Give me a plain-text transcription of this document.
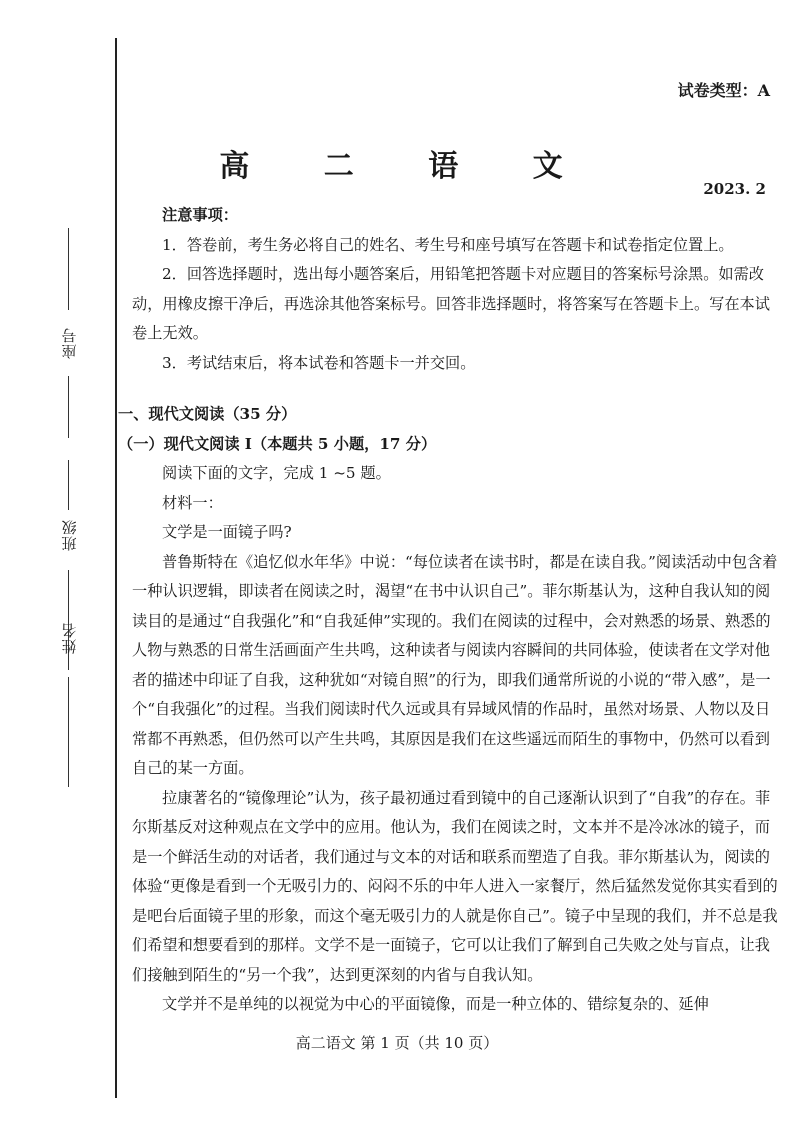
座号
班级
姓名
试卷类型：A
高 二 语 文
2023. 2

注意事项：

1．答卷前，考生务必将自己的姓名、考生号和座号填写在答题卡和试卷指定位置上。

2．回答选择题时，选出每小题答案后，用铅笔把答题卡对应题目的答案标号涂黑。如需改动，用橡皮擦干净后，再选涂其他答案标号。回答非选择题时，将答案写在答题卡上。写在本试卷上无效。

3．考试结束后，将本试卷和答题卡一并交回。

一、现代文阅读（35 分）

（一）现代文阅读 I（本题共 5 小题，17 分）

阅读下面的文字，完成 1 ~5 题。

材料一：

文学是一面镜子吗?

普鲁斯特在《追忆似水年华》中说：“每位读者在读书时，都是在读自我。”阅读活动中包含着一种认识逻辑，即读者在阅读之时，渴望“在书中认识自己”。菲尔斯基认为，这种自我认知的阅读目的是通过“自我强化”和“自我延伸”实现的。我们在阅读的过程中，会对熟悉的场景、熟悉的人物与熟悉的日常生活画面产生共鸣，这种读者与阅读内容瞬间的共同体验，使读者在文学对他者的描述中印证了自我，这种犹如“对镜自照”的行为，即我们通常所说的小说的“带入感”，是一个“自我强化”的过程。当我们阅读时代久远或具有异域风情的作品时，虽然对场景、人物以及日常都不再熟悉，但仍然可以产生共鸣，其原因是我们在这些遥远而陌生的事物中，仍然可以看到自己的某一方面。

拉康著名的“镜像理论”认为，孩子最初通过看到镜中的自己逐渐认识到了“自我”的存在。菲尔斯基反对这种观点在文学中的应用。他认为，我们在阅读之时，文本并不是冷冰冰的镜子，而是一个鲜活生动的对话者，我们通过与文本的对话和联系而塑造了自我。菲尔斯基认为，阅读的体验“更像是看到一个无吸引力的、闷闷不乐的中年人进入一家餐厅，然后猛然发觉你其实看到的是吧台后面镜子里的形象，而这个毫无吸引力的人就是你自己”。镜子中呈现的我们，并不总是我们希望和想要看到的那样。文学不是一面镜子，它可以让我们了解到自己失败之处与盲点，让我们接触到陌生的“另一个我”，达到更深刻的内省与自我认知。

文学并不是单纯的以视觉为中心的平面镜像，而是一种立体的、错综复杂的、延伸

高二语文 第 1 页（共 10 页）
